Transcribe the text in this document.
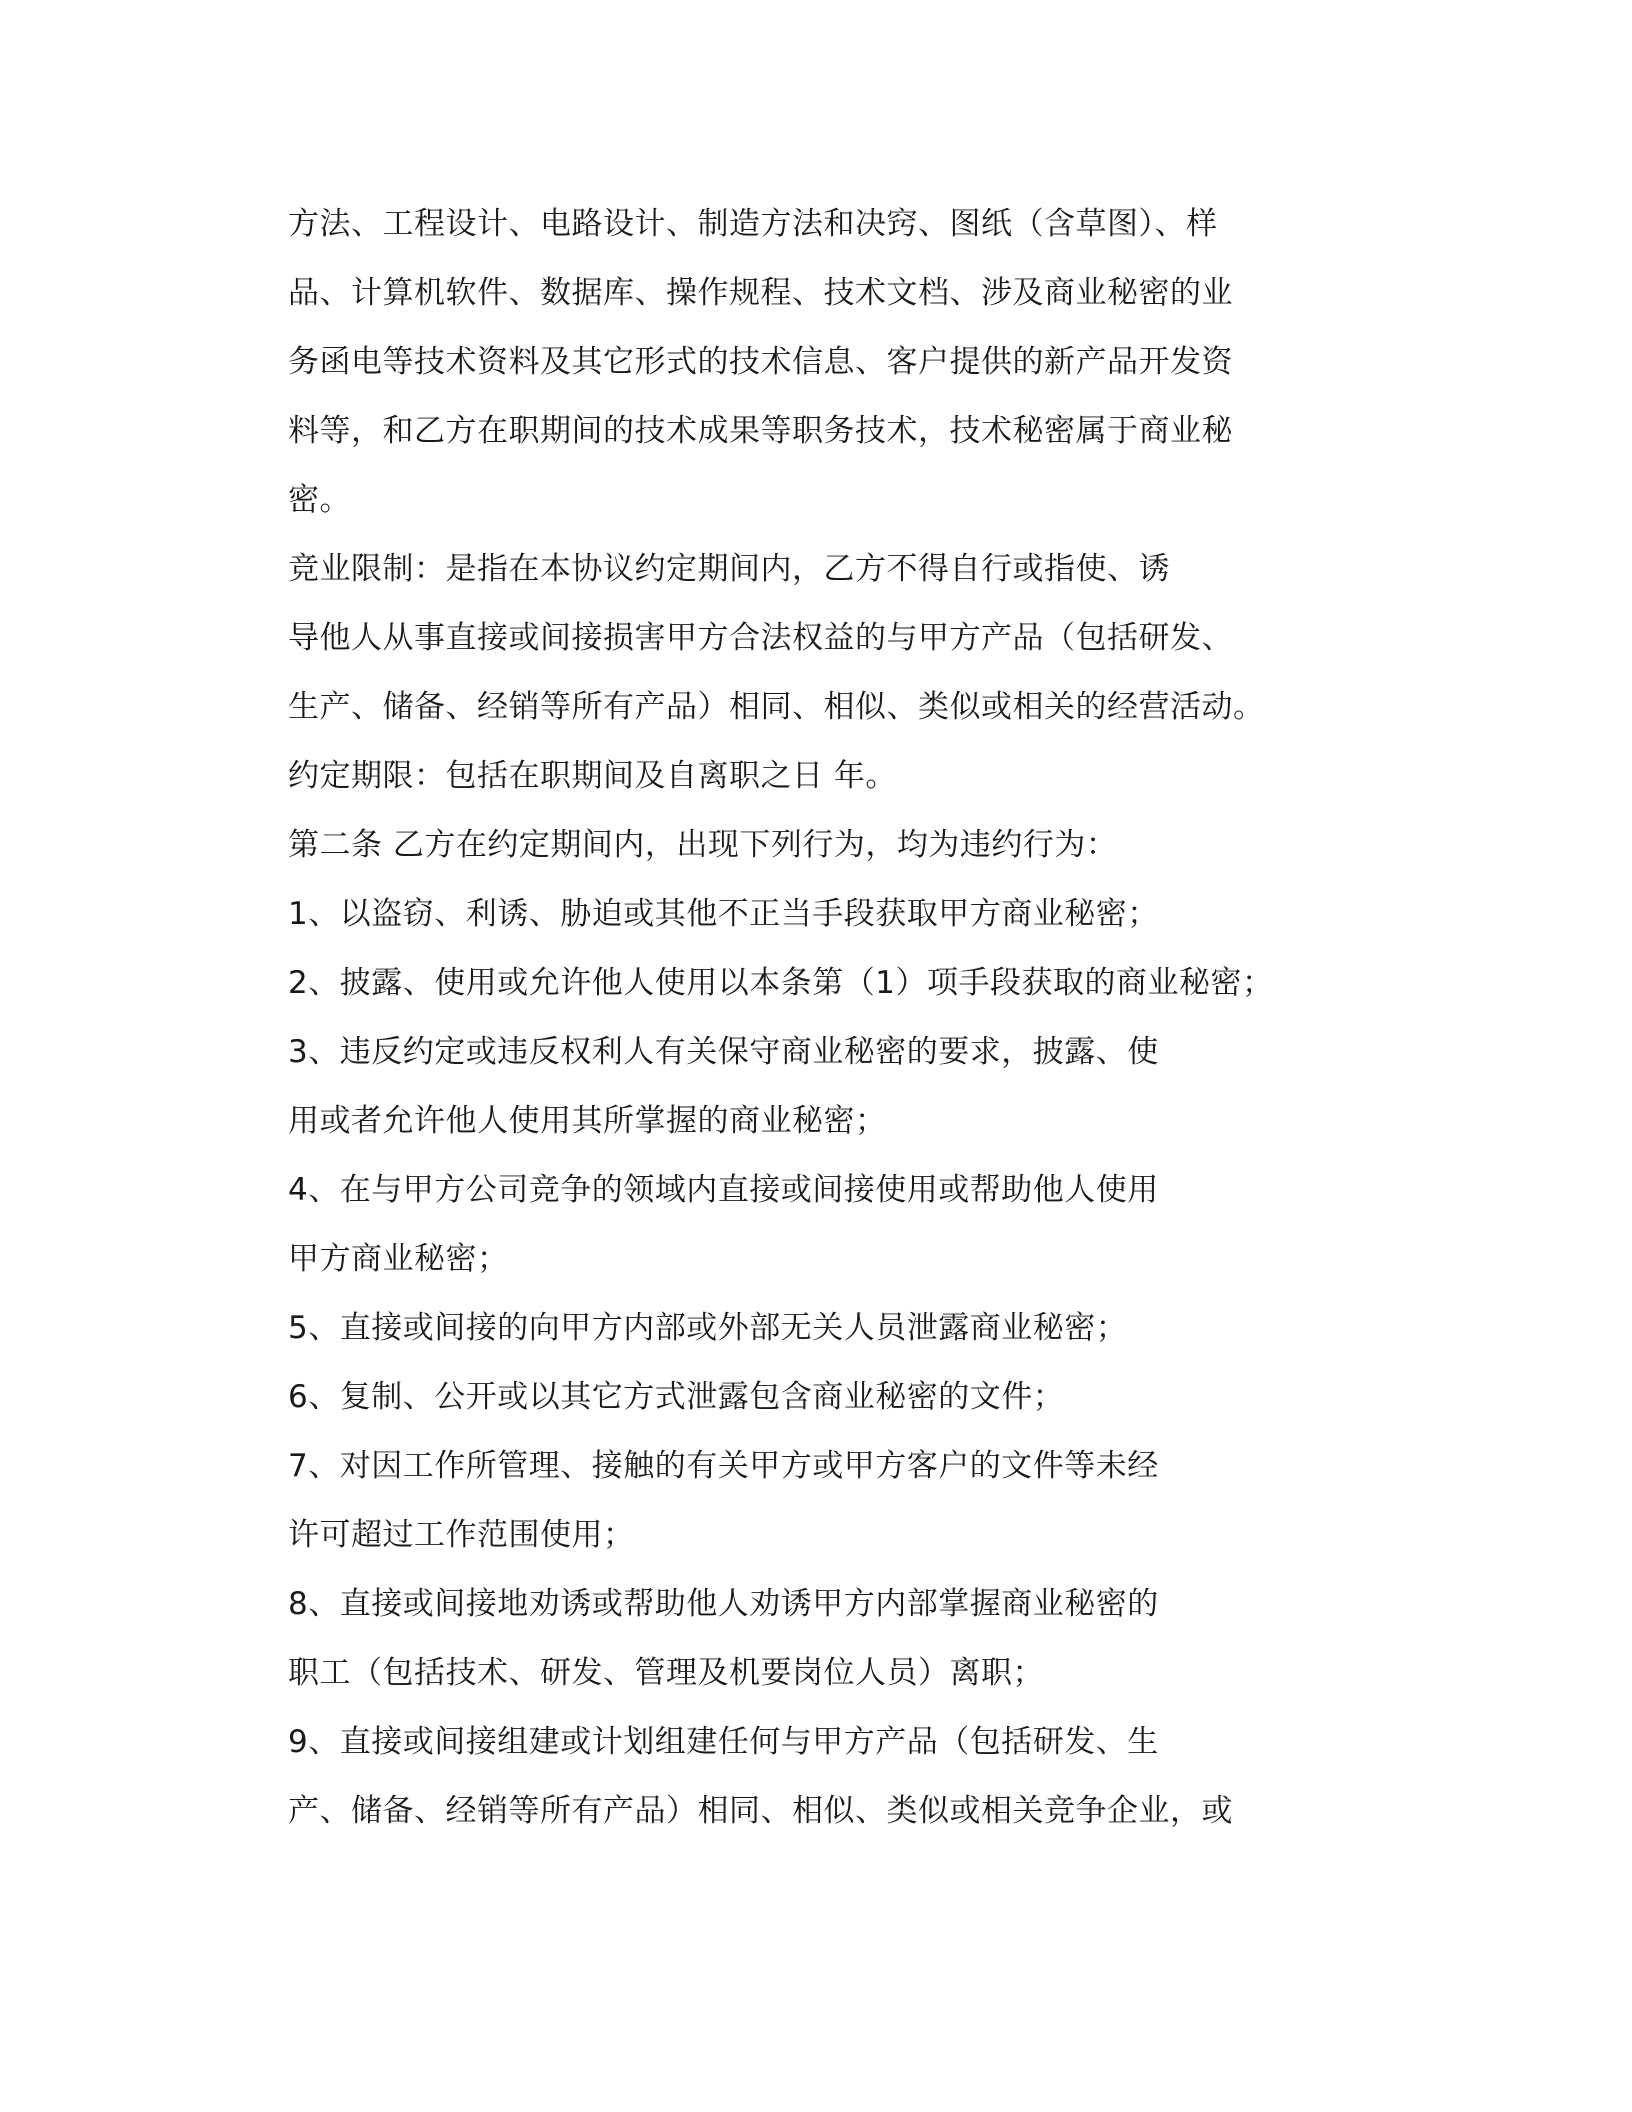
方法、工程设计、电路设计、制造方法和决窍、图纸（含草图）、样
品、计算机软件、数据库、操作规程、技术文档、涉及商业秘密的业
务函电等技术资料及其它形式的技术信息、客户提供的新产品开发资
料等，和乙方在职期间的技术成果等职务技术，技术秘密属于商业秘
密。
竞业限制：是指在本协议约定期间内，乙方不得自行或指使、诱
导他人从事直接或间接损害甲方合法权益的与甲方产品（包括研发、
生产、储备、经销等所有产品）相同、相似、类似或相关的经营活动。
约定期限：包括在职期间及自离职之日 年。
第二条 乙方在约定期间内，出现下列行为，均为违约行为：
1、以盗窃、利诱、胁迫或其他不正当手段获取甲方商业秘密；
2、披露、使用或允许他人使用以本条第（1）项手段获取的商业秘密；
3、违反约定或违反权利人有关保守商业秘密的要求，披露、使
用或者允许他人使用其所掌握的商业秘密；
4、在与甲方公司竞争的领域内直接或间接使用或帮助他人使用
甲方商业秘密；
5、直接或间接的向甲方内部或外部无关人员泄露商业秘密；
6、复制、公开或以其它方式泄露包含商业秘密的文件；
7、对因工作所管理、接触的有关甲方或甲方客户的文件等未经
许可超过工作范围使用；
8、直接或间接地劝诱或帮助他人劝诱甲方内部掌握商业秘密的
职工（包括技术、研发、管理及机要岗位人员）离职；
9、直接或间接组建或计划组建任何与甲方产品（包括研发、生
产、储备、经销等所有产品）相同、相似、类似或相关竞争企业，或
